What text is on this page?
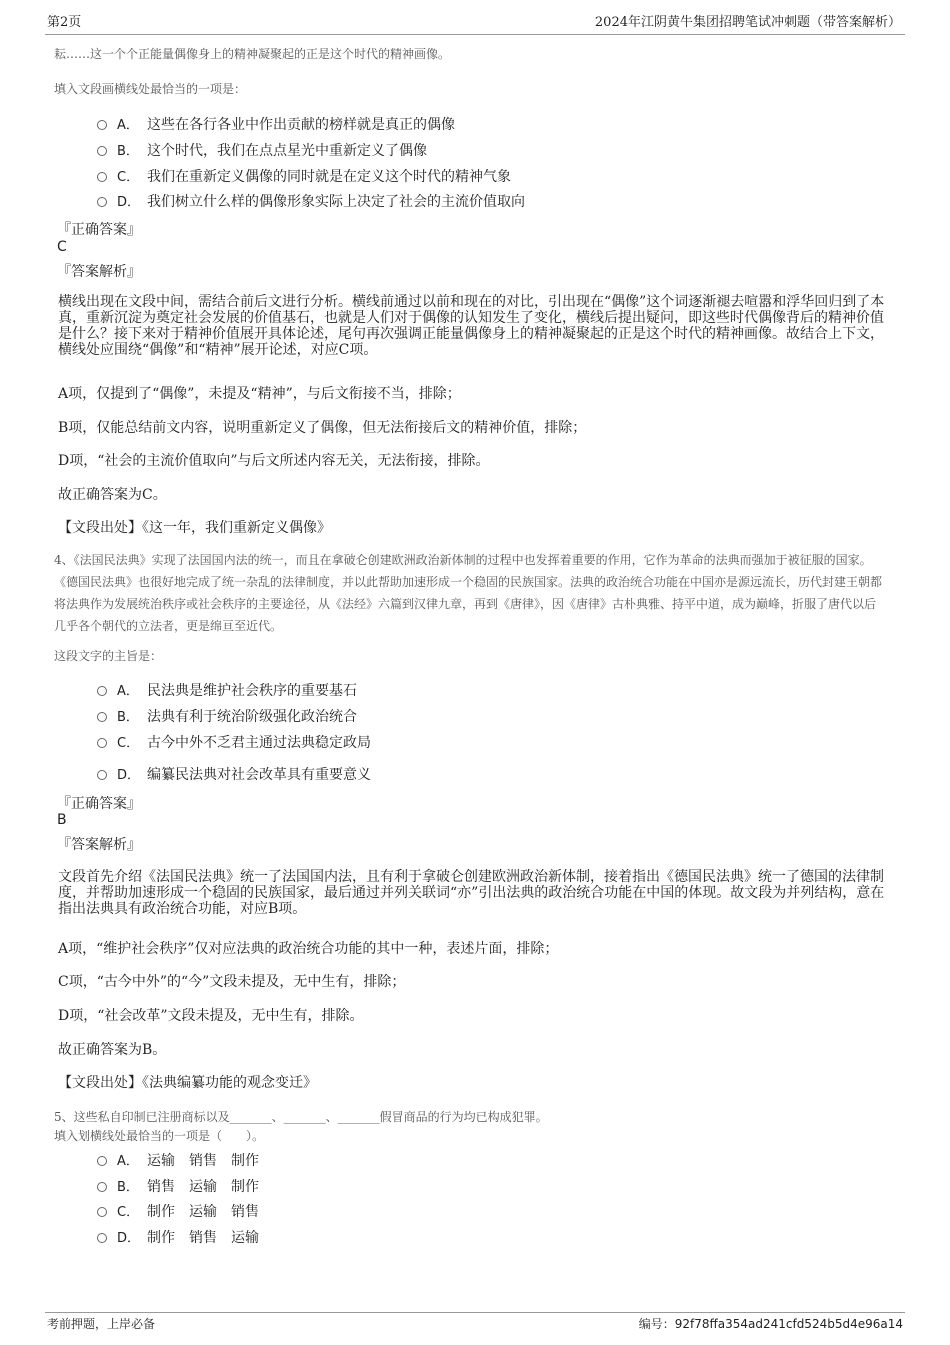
第2页	2024年江阴黄牛集团招聘笔试冲刺题（带答案解析）
耘……这一个个正能量偶像身上的精神凝聚起的正是这个时代的精神画像。
填入文段画横线处最恰当的一项是：
A． 这些在各行各业中作出贡献的榜样就是真正的偶像
B． 这个时代，我们在点点星光中重新定义了偶像
C． 我们在重新定义偶像的同时就是在定义这个时代的精神气象
D． 我们树立什么样的偶像形象实际上决定了社会的主流价值取向
『正确答案』
C
『答案解析』
横线出现在文段中间，需结合前后文进行分析。横线前通过以前和现在的对比，引出现在“偶像”这个词逐渐褪去喧嚣和浮华回归到了本真，重新沉淀为奠定社会发展的价值基石，也就是人们对于偶像的认知发生了变化，横线后提出疑问，即这些时代偶像背后的精神价值是什么？接下来对于精神价值展开具体论述，尾句再次强调正能量偶像身上的精神凝聚起的正是这个时代的精神画像。故结合上下文，横线处应围绕“偶像”和“精神”展开论述，对应C项。
A项，仅提到了“偶像”，未提及“精神”，与后文衔接不当，排除；
B项，仅能总结前文内容，说明重新定义了偶像，但无法衔接后文的精神价值，排除；
D项，“社会的主流价值取向”与后文所述内容无关，无法衔接，排除。
故正确答案为C。
【文段出处】《这一年，我们重新定义偶像》
4、《法国民法典》实现了法国国内法的统一，而且在拿破仑创建欧洲政治新体制的过程中也发挥着重要的作用，它作为革命的法典而强加于被征服的国家。《德国民法典》也很好地完成了统一杂乱的法律制度，并以此帮助加速形成一个稳固的民族国家。法典的政治统合功能在中国亦是源远流长，历代封建王朝都将法典作为发展统治秩序或社会秩序的主要途径，从《法经》六篇到汉律九章，再到《唐律》，因《唐律》古朴典雅、持平中道，成为巅峰，折服了唐代以后几乎各个朝代的立法者，更是绵亘至近代。
这段文字的主旨是：
A． 民法典是维护社会秩序的重要基石
B． 法典有利于统治阶级强化政治统合
C． 古今中外不乏君主通过法典稳定政局
D． 编纂民法典对社会改革具有重要意义
『正确答案』
B
『答案解析』
文段首先介绍《法国民法典》统一了法国国内法，且有利于拿破仑创建欧洲政治新体制，接着指出《德国民法典》统一了德国的法律制度，并帮助加速形成一个稳固的民族国家，最后通过并列关联词“亦”引出法典的政治统合功能在中国的体现。故文段为并列结构，意在指出法典具有政治统合功能，对应B项。
A项，“维护社会秩序”仅对应法典的政治统合功能的其中一种，表述片面，排除；
C项，“古今中外”的“今”文段未提及，无中生有，排除；
D项，“社会改革”文段未提及，无中生有，排除。
故正确答案为B。
【文段出处】《法典编纂功能的观念变迁》
5、这些私自印制已注册商标以及_______、_______、_______假冒商品的行为均已构成犯罪。
填入划横线处最恰当的一项是（　　）。
A． 运输　销售　制作
B． 销售　运输　制作
C． 制作　运输　销售
D． 制作　销售　运输
考前押题，上岸必备	编号：92f78ffa354ad241cfd524b5d4e96a14
